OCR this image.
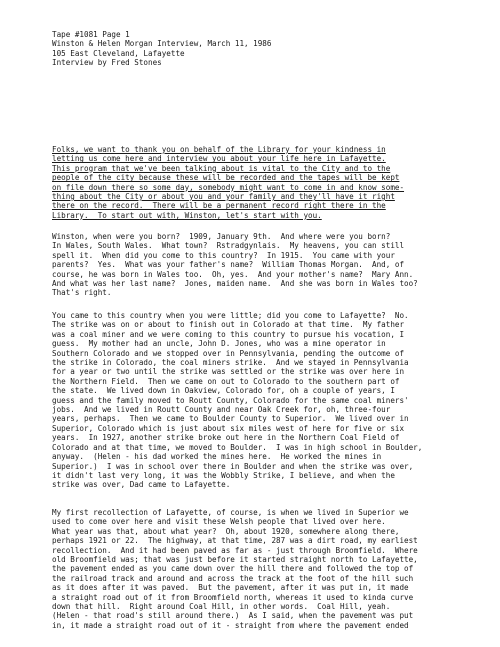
Tape #1081 Page 1
Winston & Helen Morgan Interview, March 11, 1986
105 East Cleveland, Lafayette
Interview by Fred Stones
Folks, we want to thank you on behalf of the Library for your kindness in
letting us come here and interview you about your life here in Lafayette.
This program that we've been talking about is vital to the City and to the
people of the city because these will be recorded and the tapes will be kept
on file down there so some day, somebody might want to come in and know some-
thing about the City or about you and your family and they'll have it right
there on the record.  There will be a permanent record right there in the
Library.  To start out with, Winston, let's start with you.
Winston, when were you born?  1909, January 9th.  And where were you born?
In Wales, South Wales.  What town?  Rstradgynlais.  My heavens, you can still
spell it.  When did you come to this country?  In 1915.  You came with your
parents?  Yes.  What was your father's name?  William Thomas Morgan.  And, of
course, he was born in Wales too.  Oh, yes.  And your mother's name?  Mary Ann.
And what was her last name?  Jones, maiden name.  And she was born in Wales too?
That's right.
You came to this country when you were little; did you come to Lafayette?  No.
The strike was on or about to finish out in Colorado at that time.  My father
was a coal miner and we were coming to this country to pursue his vocation, I
guess.  My mother had an uncle, John D. Jones, who was a mine operator in
Southern Colorado and we stopped over in Pennsylvania, pending the outcome of
the strike in Colorado, the coal miners strike.  And we stayed in Pennsylvania
for a year or two until the strike was settled or the strike was over here in
the Northern Field.  Then we came on out to Colorado to the southern part of
the state.  We lived down in Oakview, Colorado for, oh a couple of years, I
guess and the family moved to Routt County, Colorado for the same coal miners'
jobs.  And we lived in Routt County and near Oak Creek for, oh, three-four
years, perhaps.  Then we came to Boulder County to Superior.  We lived over in
Superior, Colorado which is just about six miles west of here for five or six
years.  In 1927, another strike broke out here in the Northern Coal Field of
Colorado and at that time, we moved to Boulder.  I was in high school in Boulder,
anyway.  (Helen - his dad worked the mines here.  He worked the mines in
Superior.)  I was in school over there in Boulder and when the strike was over,
it didn't last very long, it was the Wobbly Strike, I believe, and when the
strike was over, Dad came to Lafayette.
My first recollection of Lafayette, of course, is when we lived in Superior we
used to come over here and visit these Welsh people that lived over here.
What year was that, about what year?  Oh, about 1920, somewhere along there,
perhaps 1921 or 22.  The highway, at that time, 287 was a dirt road, my earliest
recollection.  And it had been paved as far as - just through Broomfield.  Where
old Broomfield was; that was just before it started straight north to Lafayette,
the pavement ended as you came down over the hill there and followed the top of
the railroad track and around and across the track at the foot of the hill such
as it does after it was paved.  But the pavement, after it was put in, it made
a straight road out of it from Broomfield north, whereas it used to kinda curve
down that hill.  Right around Coal Hill, in other words.  Coal Hill, yeah.
(Helen - that road's still around there.)  As I said, when the pavement was put
in, it made a straight road out of it - straight from where the pavement ended
